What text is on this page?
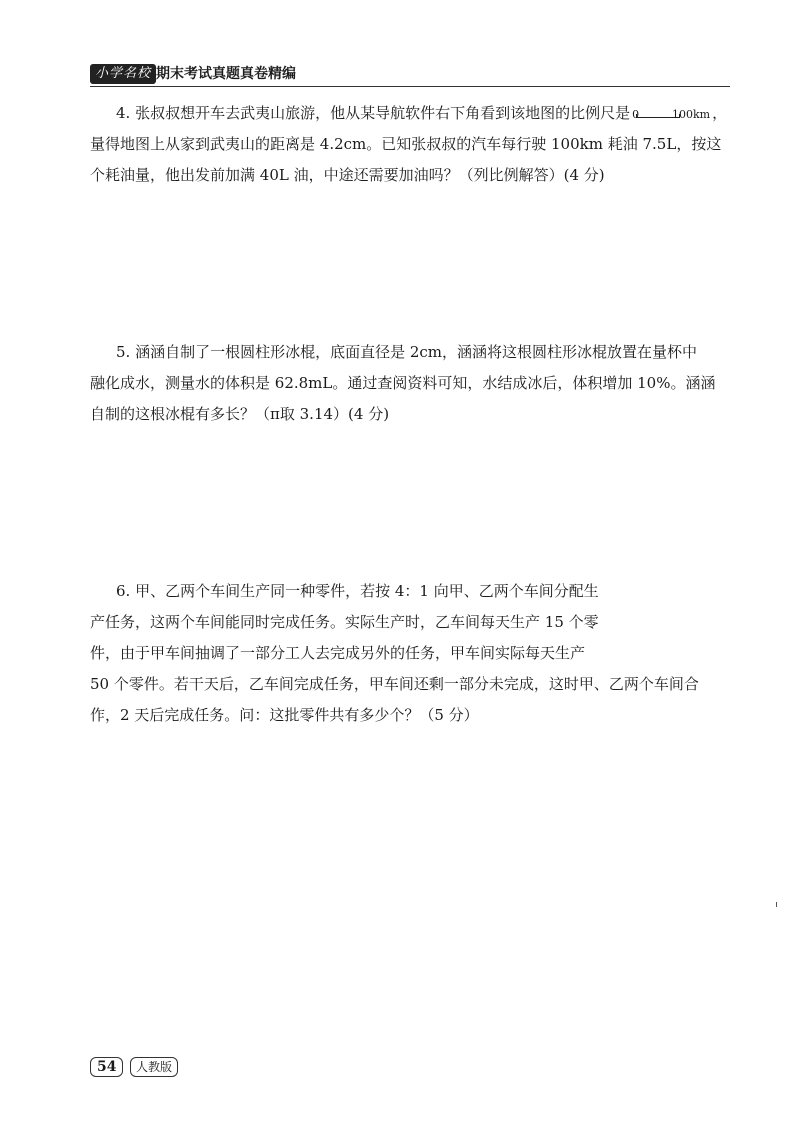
小学名校 期末考试真题真卷精编
4. 张叔叔想开车去武夷山旅游，他从某导航软件右下角看到该地图的比例尺是 0	100km ，
量得地图上从家到武夷山的距离是 4.2cm。已知张叔叔的汽车每行驶 100km 耗油 7.5L，按这
个耗油量，他出发前加满 40L 油，中途还需要加油吗？（列比例解答）(4 分)
5. 涵涵自制了一根圆柱形冰棍，底面直径是 2cm，涵涵将这根圆柱形冰棍放置在量杯中
融化成水，测量水的体积是 62.8mL。通过查阅资料可知，水结成冰后，体积增加 10%。涵涵
自制的这根冰棍有多长？（π取 3.14）(4 分)
6. 甲、乙两个车间生产同一种零件，若按 4：1 向甲、乙两个车间分配生
产任务，这两个车间能同时完成任务。实际生产时，乙车间每天生产 15 个零
件，由于甲车间抽调了一部分工人去完成另外的任务，甲车间实际每天生产
50 个零件。若干天后，乙车间完成任务，甲车间还剩一部分未完成，这时甲、乙两个车间合
作，2 天后完成任务。问：这批零件共有多少个？（5 分）
54 人教版
